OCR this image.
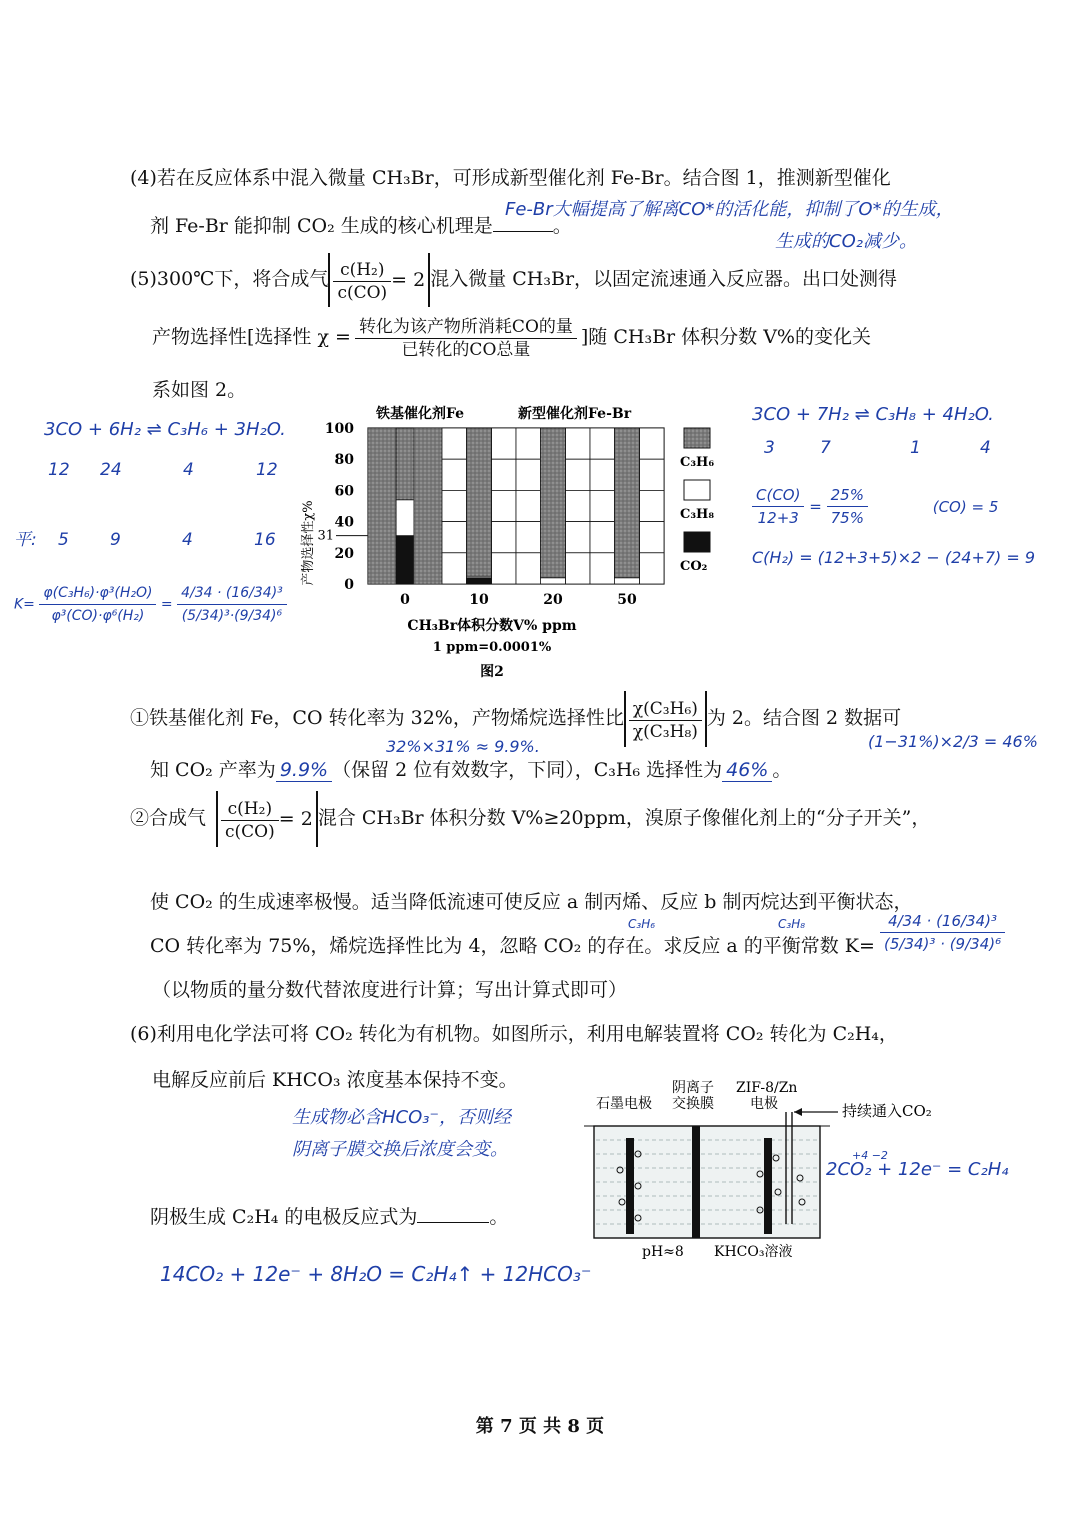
(4)若在反应体系中混入微量 CH₃Br，可形成新型催化剂 Fe-Br。结合图 1，推测新型催化
剂 Fe-Br 能抑制 CO₂ 生成的核心机理是	。
Fe-Br大幅提高了解离CO*的活化能，抑制了O*的生成，
生成的CO₂减少。
(5)300℃下，将合成气 $\frac{\text{c(H₂)}}{c(CO)} = 2$ 混入微量 CH₃Br，以固定流速通入反应器。出口处测得
产物选择性[选择性 $\chi = \frac{\text{转化为该产物所消耗CO的量}}{\text{已转化的CO总量}}$ ]随 CH₃Br 体积分数 V%的变化关
系如图 2。
铁基催化剂Fe	新型催化剂Fe-Br
产物选择性χ%
100
80
60
40
20
0
31
0	10	20	50
C₃H₆
C₃H₈
CO₂
CH₃Br体积分数V% ppm
1 ppm=0.0001%
图2
3CO + 6H₂ ⇌ C₃H₆ + 3H₂O.
12 24	4	12
平: 5 9	4	16
$K= \frac{\text{φ(C₃H₆)·φ³(H₂O)}}{\text{φ³(CO)·φ⁶(H₂)}} = \frac{\text{4/34 · (16/34)³}}{\text{(5/34)³·(9/34)⁶}}$
3CO + 7H₂ ⇌ C₃H₈ + 4H₂O.
3	7	1	4
$\frac{C(CO)}{12+3} = \frac{25\%}{75\%}$	(CO) = 5
C(H₂) = (12+3+5)×2 − (24+7) = 9
①铁基催化剂 Fe，CO 转化率为 32%，产物烯烷选择性比 $\frac{\text{χ(C₃H₆)}}{\text{χ(C₃H₈)}}$ 为 2。结合图 2 数据可
32%×31% ≈ 9.9%.	(1−31%)×2/3 = 46%
知 CO₂ 产率为 9.9% （保留 2 位有效数字，下同），C₃H₆ 选择性为 46% 。
②合成气 $\frac{\text{c(H₂)}}{c(CO)} = 2$ 混合 CH₃Br 体积分数 V%≥20ppm，溴原子像催化剂上的“分子开关”，
使 CO₂ 的生成速率极慢。适当降低流速可使反应 a 制丙烯、反应 b 制丙烷达到平衡状态，
C₃H₆	C₃H₈
CO 转化率为 75%，烯烷选择性比为 4，忽略 CO₂ 的存在。求反应 a 的平衡常数 $K= \frac{\text{4/34 · (16/34)³}}{\text{(5/34)³ · (9/34)⁶}}$
（以物质的量分数代替浓度进行计算；写出计算式即可）
(6)利用电化学法可将 CO₂ 转化为有机物。如图所示，利用电解装置将 CO₂ 转化为 C₂H₄，
电解反应前后 KHCO₃ 浓度基本保持不变。
生成物必含HCO₃⁻，否则经
阴离子膜交换后浓度会变。
阴极生成 C₂H₄ 的电极反应式为	。
+4 −2
2CO₂ + 12e⁻ = C₂H₄
14CO₂ + 12e⁻ + 8H₂O = C₂H₄↑ + 12HCO₃⁻
石墨电极
阴离子
交换膜
ZIF-8/Zn
电极	持续通入CO₂
pH≈8 KHCO₃溶液
第 7 页 共 8 页
